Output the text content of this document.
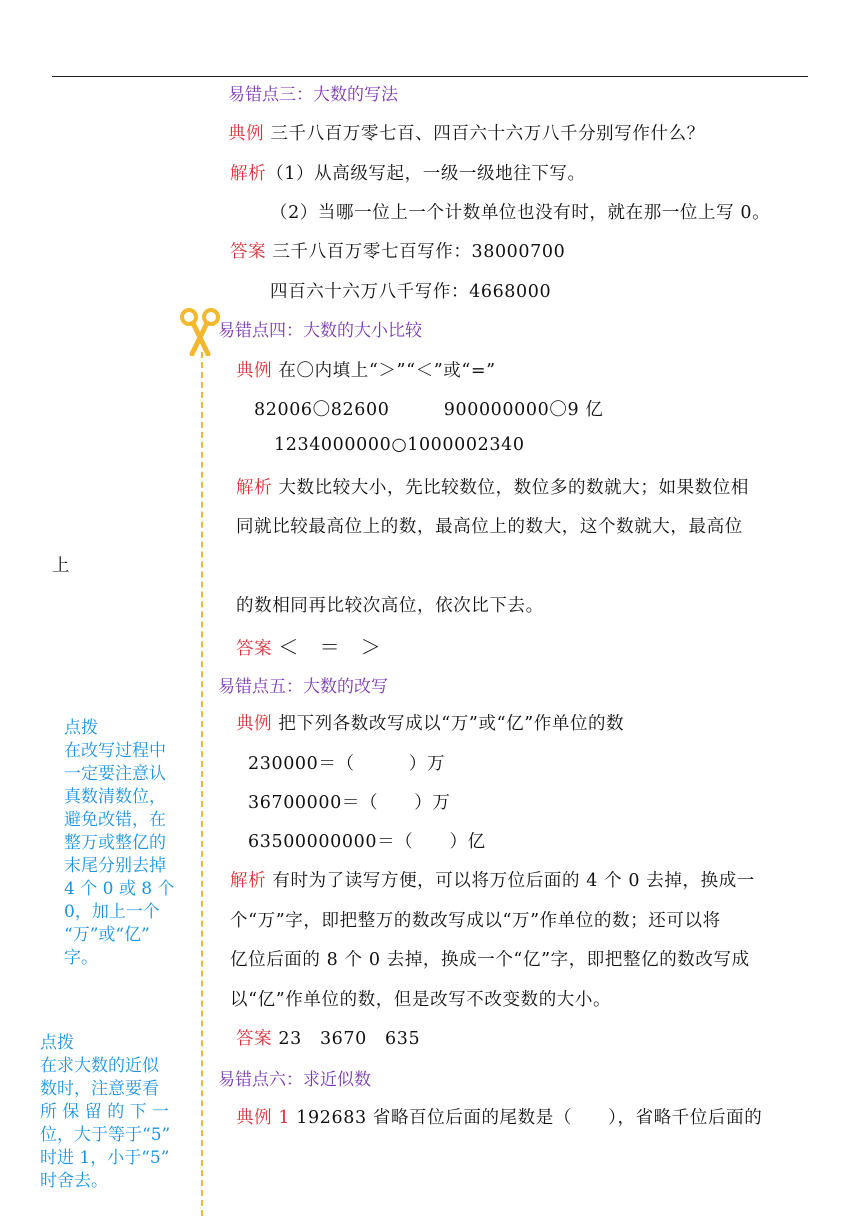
易错点三：大数的写法
典例 三千八百万零七百、四百六十六万八千分别写作什么？
解析（1）从高级写起，一级一级地往下写。
（2）当哪一位上一个计数单位也没有时，就在那一位上写 0。
答案 三千八百万零七百写作：38000700
四百六十六万八千写作：4668000
易错点四：大数的大小比较
典例 在〇内填上“＞”“＜”或“=”
82006〇82600　　　900000000〇9 亿
1234000000○1000002340
解析 大数比较大小，先比较数位，数位多的数就大；如果数位相
同就比较最高位上的数，最高位上的数大，这个数就大，最高位
上
的数相同再比较次高位，依次比下去。
答案 ＜　＝　＞
易错点五：大数的改写
典例 把下列各数改写成以“万”或“亿”作单位的数
230000＝（　　　）万
36700000＝（　　）万
63500000000＝（　　）亿
解析 有时为了读写方便，可以将万位后面的 4 个 0 去掉，换成一
个“万”字，即把整万的数改写成以“万”作单位的数；还可以将
亿位后面的 8 个 0 去掉，换成一个“亿”字，即把整亿的数改写成
以“亿”作单位的数，但是改写不改变数的大小。
答案 23　3670　635
易错点六：求近似数
典例 1 192683 省略百位后面的尾数是（　　），省略千位后面的
点拨
在改写过程中
一定要注意认
真数清数位，
避免改错，在
整万或整亿的
末尾分别去掉
4 个 0 或 8 个
0，加上一个
“万”或“亿”
字。
点拨
在求大数的近似
数时，注意要看
所 保 留 的 下 一
位，大于等于“5”
时进 1，小于“5”
时舍去。
